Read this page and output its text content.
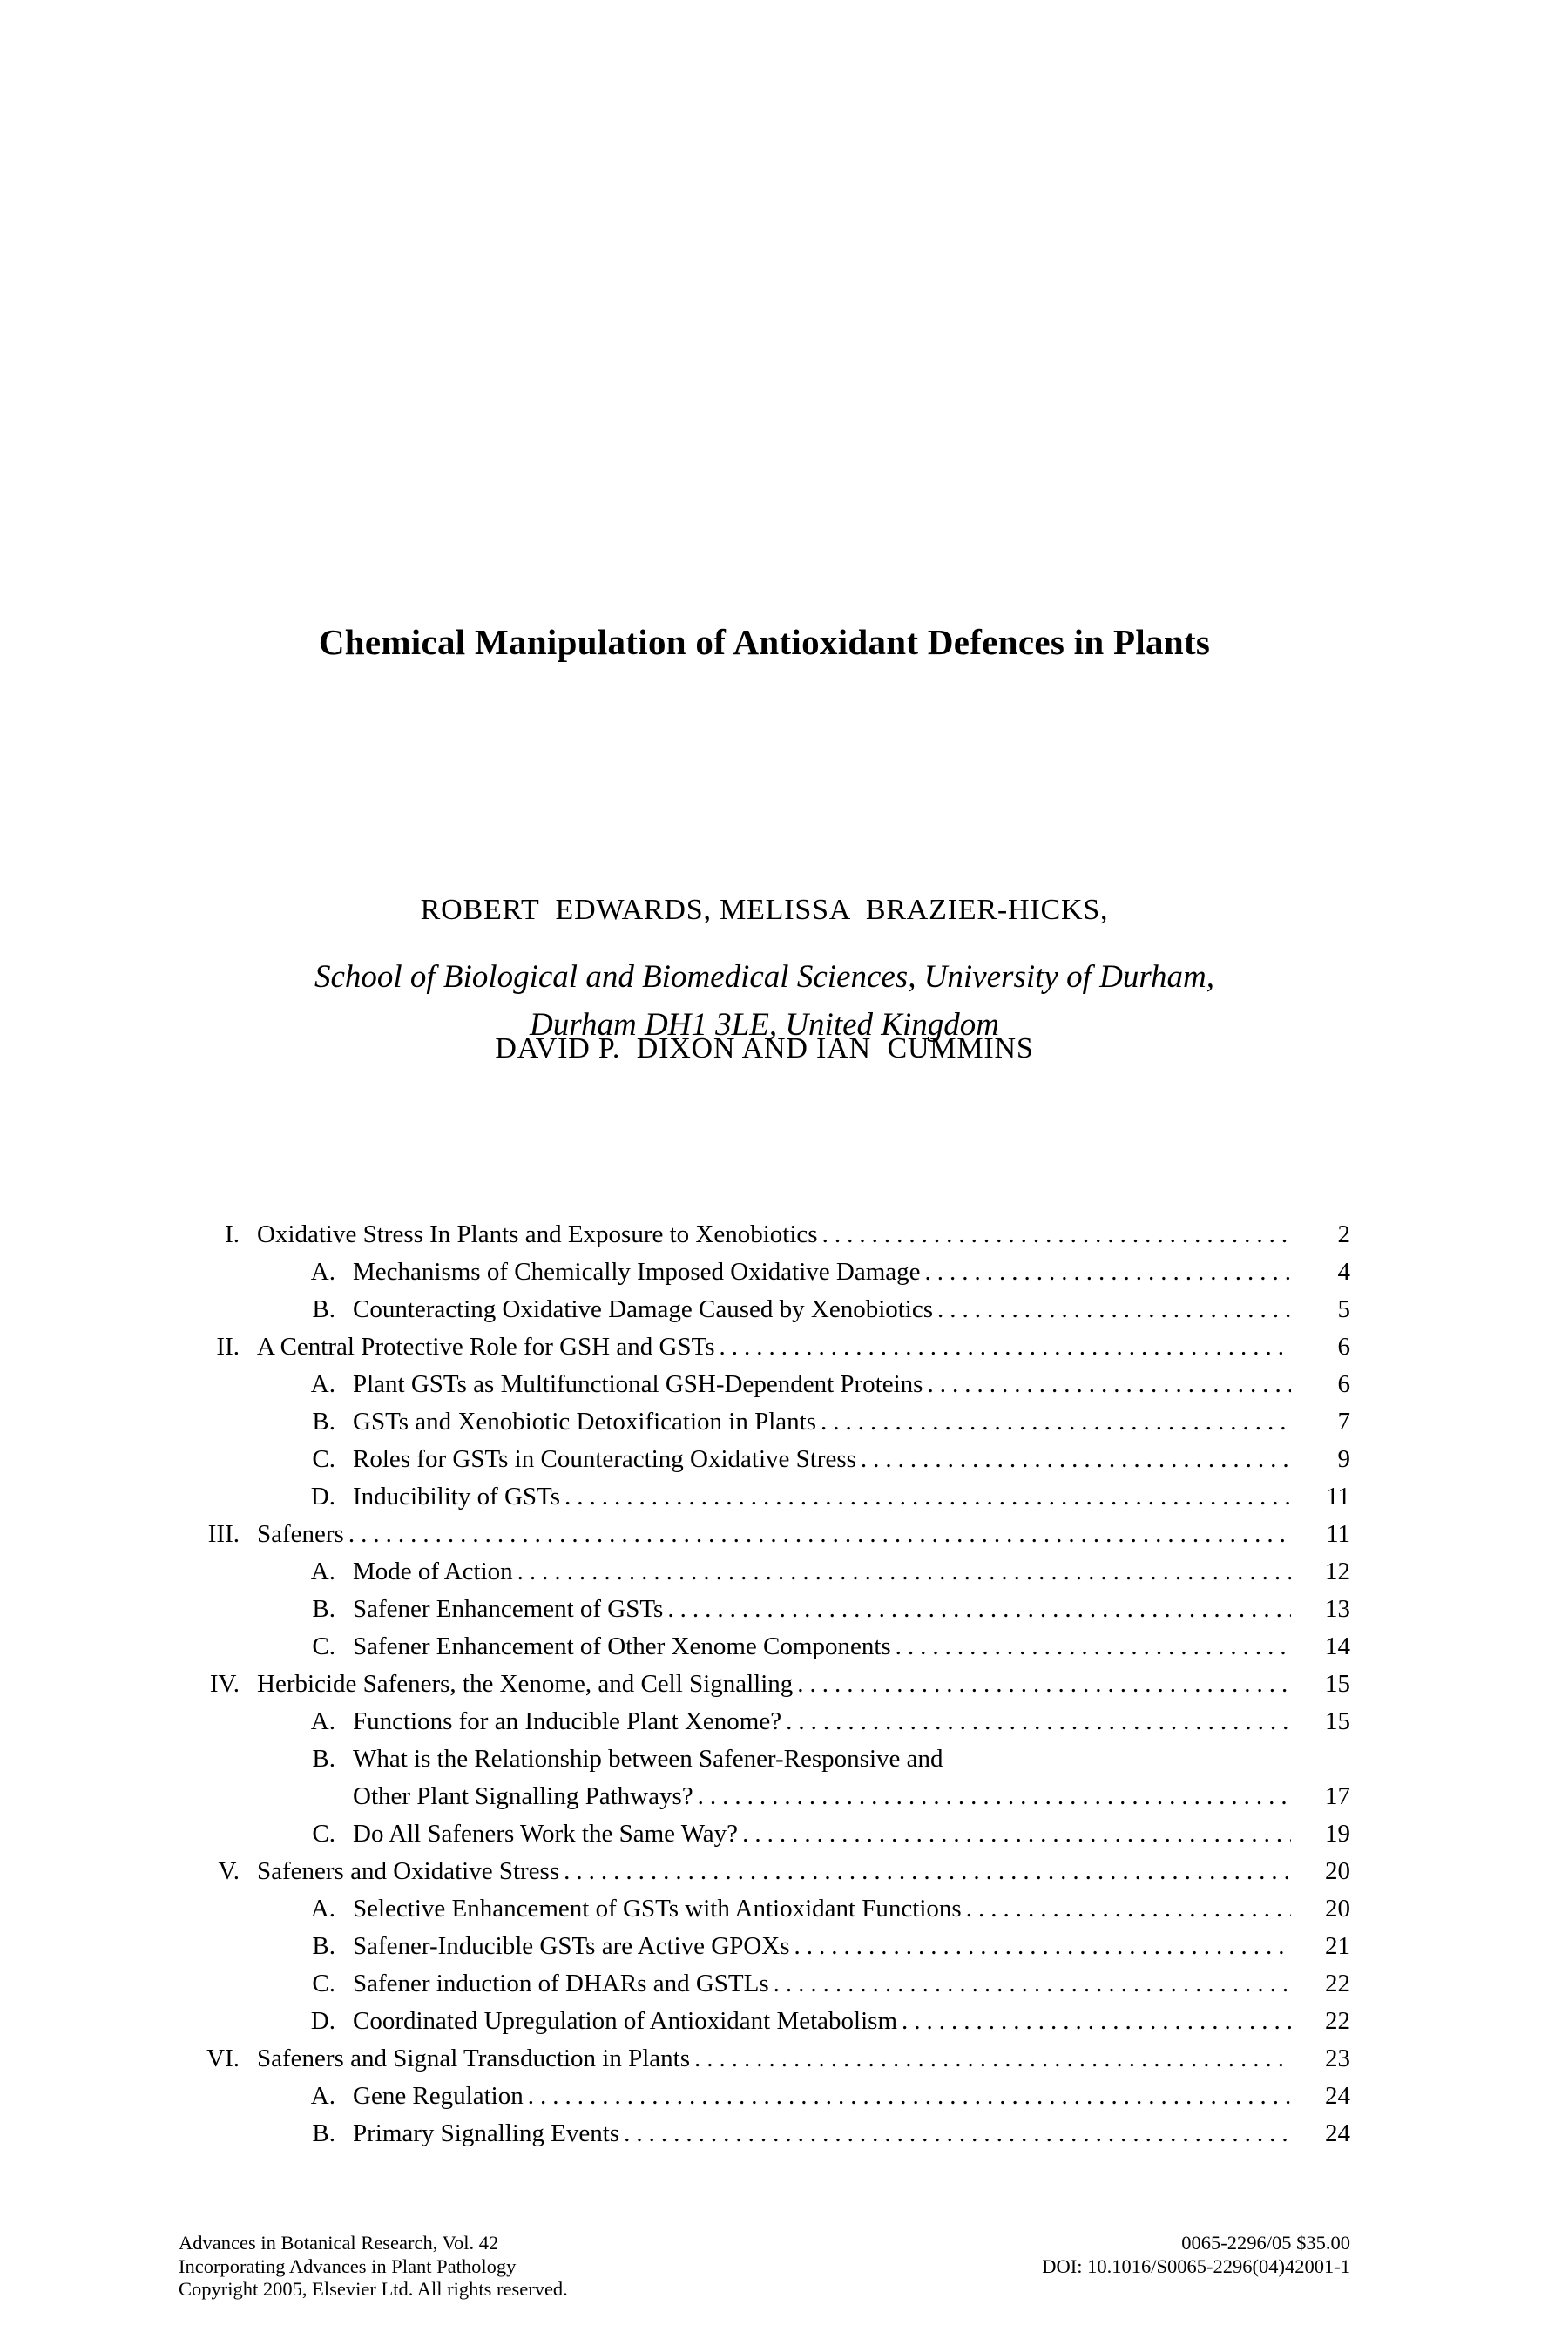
Chemical Manipulation of Antioxidant Defences in Plants

ROBERT  EDWARDS, MELISSA  BRAZIER-HICKS,

DAVID P.  DIXON AND IAN  CUMMINS

School of Biological and Biomedical Sciences, University of Durham,
Durham DH1 3LE, United Kingdom
I. Oxidative Stress In Plants and Exposure to Xenobiotics .....	2
A. Mechanisms of Chemically Imposed Oxidative Damage .....	4
B. Counteracting Oxidative Damage Caused by Xenobiotics .....	5
II. A Central Protective Role for GSH and GSTs .....	6
A. Plant GSTs as Multifunctional GSH-Dependent Proteins .....	6
B. GSTs and Xenobiotic Detoxification in Plants .....	7
C. Roles for GSTs in Counteracting Oxidative Stress .....	9
D. Inducibility of GSTs .....	11
III. Safeners .....	11
A. Mode of Action .....	12
B. Safener Enhancement of GSTs .....	13
C. Safener Enhancement of Other Xenome Components .....	14
IV. Herbicide Safeners, the Xenome, and Cell Signalling .....	15
A. Functions for an Inducible Plant Xenome? .....	15
B. What is the Relationship between Safener-Responsive and
Other Plant Signalling Pathways? .....	17
C. Do All Safeners Work the Same Way? .....	19
V. Safeners and Oxidative Stress .....	20
A. Selective Enhancement of GSTs with Antioxidant Functions .....	20
B. Safener-Inducible GSTs are Active GPOXs .....	21
C. Safener induction of DHARs and GSTLs .....	22
D. Coordinated Upregulation of Antioxidant Metabolism .....	22
VI. Safeners and Signal Transduction in Plants .....	23
A. Gene Regulation .....	24
B. Primary Signalling Events .....	24
Advances in Botanical Research, Vol. 42
Incorporating Advances in Plant Pathology
Copyright 2005, Elsevier Ltd. All rights reserved.
0065-2296/05 $35.00
DOI: 10.1016/S0065-2296(04)42001-1
